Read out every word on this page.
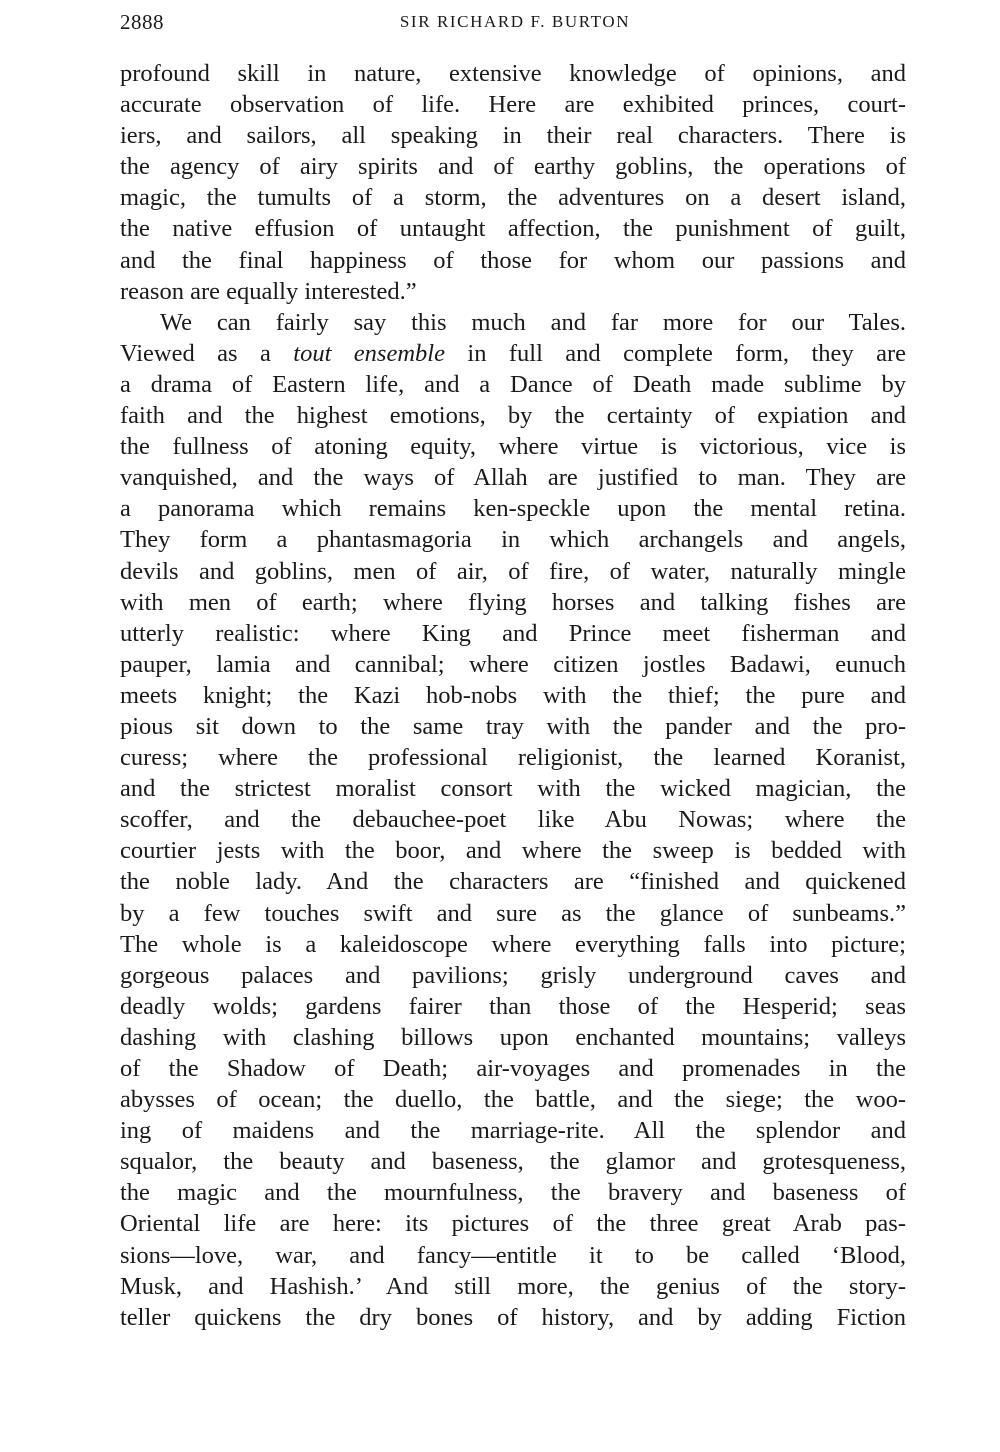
2888	SIR RICHARD F. BURTON
profound skill in nature, extensive knowledge of opinions, and
accurate observation of life. Here are exhibited princes, court-
iers, and sailors, all speaking in their real characters. There is
the agency of airy spirits and of earthy goblins, the operations of
magic, the tumults of a storm, the adventures on a desert island,
the native effusion of untaught affection, the punishment of guilt,
and the final happiness of those for whom our passions and
reason are equally interested.”
We can fairly say this much and far more for our Tales.
Viewed as a tout ensemble in full and complete form, they are
a drama of Eastern life, and a Dance of Death made sublime by
faith and the highest emotions, by the certainty of expiation and
the fullness of atoning equity, where virtue is victorious, vice is
vanquished, and the ways of Allah are justified to man. They are
a panorama which remains ken-speckle upon the mental retina.
They form a phantasmagoria in which archangels and angels,
devils and goblins, men of air, of fire, of water, naturally mingle
with men of earth; where flying horses and talking fishes are
utterly realistic: where King and Prince meet fisherman and
pauper, lamia and cannibal; where citizen jostles Badawi, eunuch
meets knight; the Kazi hob-nobs with the thief; the pure and
pious sit down to the same tray with the pander and the pro-
curess; where the professional religionist, the learned Koranist,
and the strictest moralist consort with the wicked magician, the
scoffer, and the debauchee-poet like Abu Nowas; where the
courtier jests with the boor, and where the sweep is bedded with
the noble lady. And the characters are “finished and quickened
by a few touches swift and sure as the glance of sunbeams.”
The whole is a kaleidoscope where everything falls into picture;
gorgeous palaces and pavilions; grisly underground caves and
deadly wolds; gardens fairer than those of the Hesperid; seas
dashing with clashing billows upon enchanted mountains; valleys
of the Shadow of Death; air-voyages and promenades in the
abysses of ocean; the duello, the battle, and the siege; the woo-
ing of maidens and the marriage-rite. All the splendor and
squalor, the beauty and baseness, the glamor and grotesqueness,
the magic and the mournfulness, the bravery and baseness of
Oriental life are here: its pictures of the three great Arab pas-
sions—love, war, and fancy—entitle it to be called ‘Blood,
Musk, and Hashish.’ And still more, the genius of the story-
teller quickens the dry bones of history, and by adding Fiction
